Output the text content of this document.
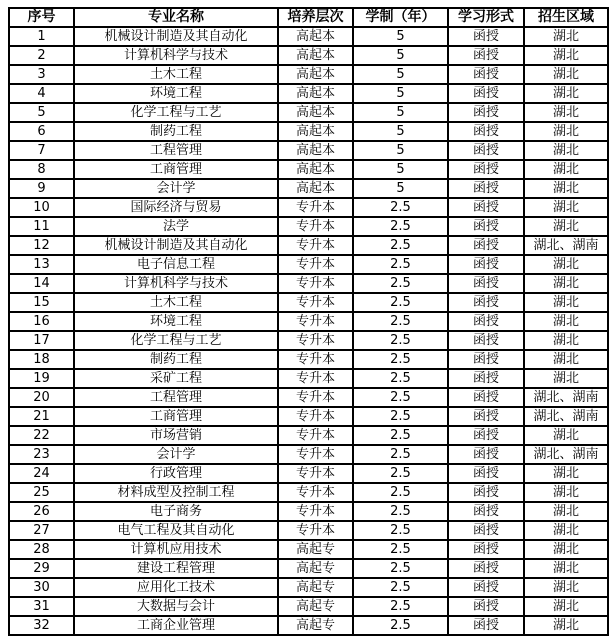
序号	专业名称	培养层次	学制（年）	学习形式	招生区域
1	机械设计制造及其自动化	高起本	5	函授	湖北
2	计算机科学与技术	高起本	5	函授	湖北
3	土木工程	高起本	5	函授	湖北
4	环境工程	高起本	5	函授	湖北
5	化学工程与工艺	高起本	5	函授	湖北
6	制药工程	高起本	5	函授	湖北
7	工程管理	高起本	5	函授	湖北
8	工商管理	高起本	5	函授	湖北
9	会计学	高起本	5	函授	湖北
10	国际经济与贸易	专升本	2.5	函授	湖北
11	法学	专升本	2.5	函授	湖北
12	机械设计制造及其自动化	专升本	2.5	函授	湖北、湖南
13	电子信息工程	专升本	2.5	函授	湖北
14	计算机科学与技术	专升本	2.5	函授	湖北
15	土木工程	专升本	2.5	函授	湖北
16	环境工程	专升本	2.5	函授	湖北
17	化学工程与工艺	专升本	2.5	函授	湖北
18	制药工程	专升本	2.5	函授	湖北
19	采矿工程	专升本	2.5	函授	湖北
20	工程管理	专升本	2.5	函授	湖北、湖南
21	工商管理	专升本	2.5	函授	湖北、湖南
22	市场营销	专升本	2.5	函授	湖北
23	会计学	专升本	2.5	函授	湖北、湖南
24	行政管理	专升本	2.5	函授	湖北
25	材料成型及控制工程	专升本	2.5	函授	湖北
26	电子商务	专升本	2.5	函授	湖北
27	电气工程及其自动化	专升本	2.5	函授	湖北
28	计算机应用技术	高起专	2.5	函授	湖北
29	建设工程管理	高起专	2.5	函授	湖北
30	应用化工技术	高起专	2.5	函授	湖北
31	大数据与会计	高起专	2.5	函授	湖北
32	工商企业管理	高起专	2.5	函授	湖北
